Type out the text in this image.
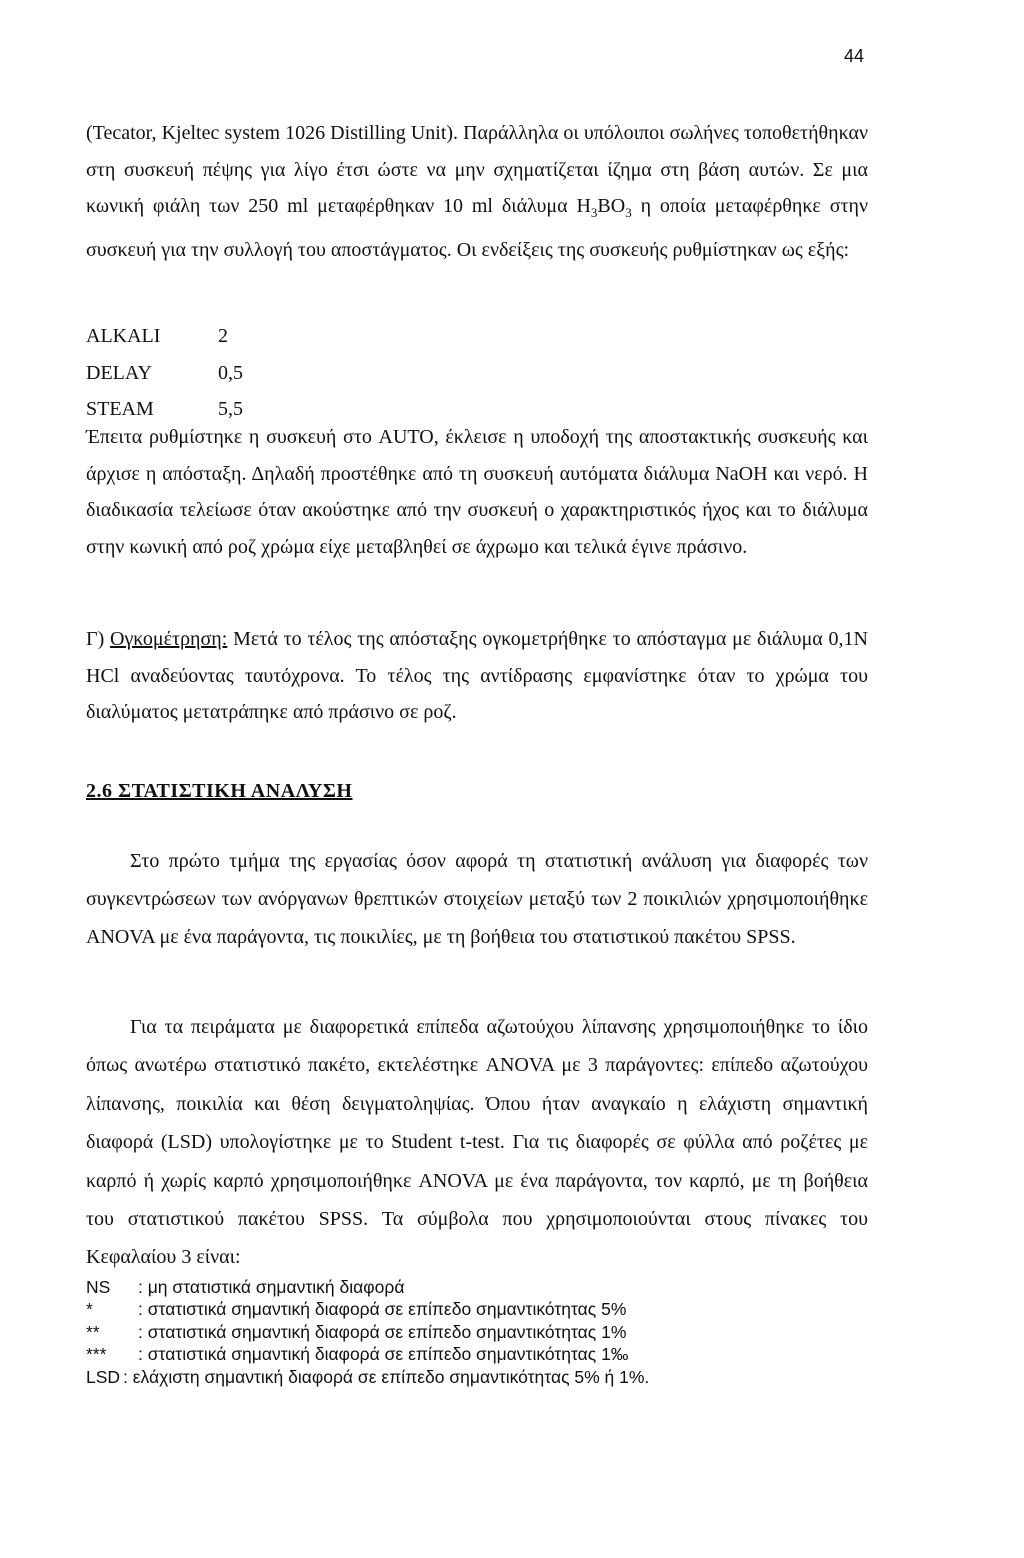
44

(Tecator, Kjeltec system 1026 Distilling Unit). Παράλληλα οι υπόλοιποι σωλήνες τοποθετήθηκαν στη συσκευή πέψης για λίγο έτσι ώστε να μην σχηματίζεται ίζημα στη βάση αυτών. Σε μια κωνική φιάλη των 250 ml μεταφέρθηκαν 10 ml διάλυμα $H_3BO_3$ η οποία μεταφέρθηκε στην συσκευή για την συλλογή του αποστάγματος. Οι ενδείξεις της συσκευής ρυθμίστηκαν ως εξής:

ALKALI	2
DELAY	0,5
STEAM	5,5

Έπειτα ρυθμίστηκε η συσκευή στο AUTO, έκλεισε η υποδοχή της αποστακτικής συσκευής και άρχισε η απόσταξη. Δηλαδή προστέθηκε από τη συσκευή αυτόματα διάλυμα NaOH και νερό. Η διαδικασία τελείωσε όταν ακούστηκε από την συσκευή ο χαρακτηριστικός ήχος και το διάλυμα στην κωνική από ροζ χρώμα είχε μεταβληθεί σε άχρωμο και τελικά έγινε πράσινο.

Γ) Ογκομέτρηση: Μετά το τέλος της απόσταξης ογκομετρήθηκε το απόσταγμα με διάλυμα 0,1N HCl αναδεύοντας ταυτόχρονα. Το τέλος της αντίδρασης εμφανίστηκε όταν το χρώμα του διαλύματος μετατράπηκε από πράσινο σε ροζ.

2.6 ΣΤΑΤΙΣΤΙΚΗ ΑΝΑΛΥΣΗ

Στο πρώτο τμήμα της εργασίας όσον αφορά τη στατιστική ανάλυση για διαφορές των συγκεντρώσεων των ανόργανων θρεπτικών στοιχείων μεταξύ των 2 ποικιλιών χρησιμοποιήθηκε ANOVA με ένα παράγοντα, τις ποικιλίες, με τη βοήθεια του στατιστικού πακέτου SPSS.

Για τα πειράματα με διαφορετικά επίπεδα αζωτούχου λίπανσης χρησιμοποιήθηκε το ίδιο όπως ανωτέρω στατιστικό πακέτο, εκτελέστηκε ANOVA με 3 παράγοντες: επίπεδο αζωτούχου λίπανσης, ποικιλία και θέση δειγματοληψίας. Όπου ήταν αναγκαίο η ελάχιστη σημαντική διαφορά (LSD) υπολογίστηκε με το Student t-test. Για τις διαφορές σε φύλλα από ροζέτες με καρπό ή χωρίς καρπό χρησιμοποιήθηκε ANOVA με ένα παράγοντα, τον καρπό, με τη βοήθεια του στατιστικού πακέτου SPSS. Τα σύμβολα που χρησιμοποιούνται στους πίνακες του Κεφαλαίου 3 είναι:

NS	: μη στατιστικά σημαντική διαφορά
*	: στατιστικά σημαντική διαφορά σε επίπεδο σημαντικότητας 5%
**	: στατιστικά σημαντική διαφορά σε επίπεδο σημαντικότητας 1%
***	: στατιστικά σημαντική διαφορά σε επίπεδο σημαντικότητας 1‰
LSD : ελάχιστη σημαντική διαφορά σε επίπεδο σημαντικότητας 5% ή 1%.
